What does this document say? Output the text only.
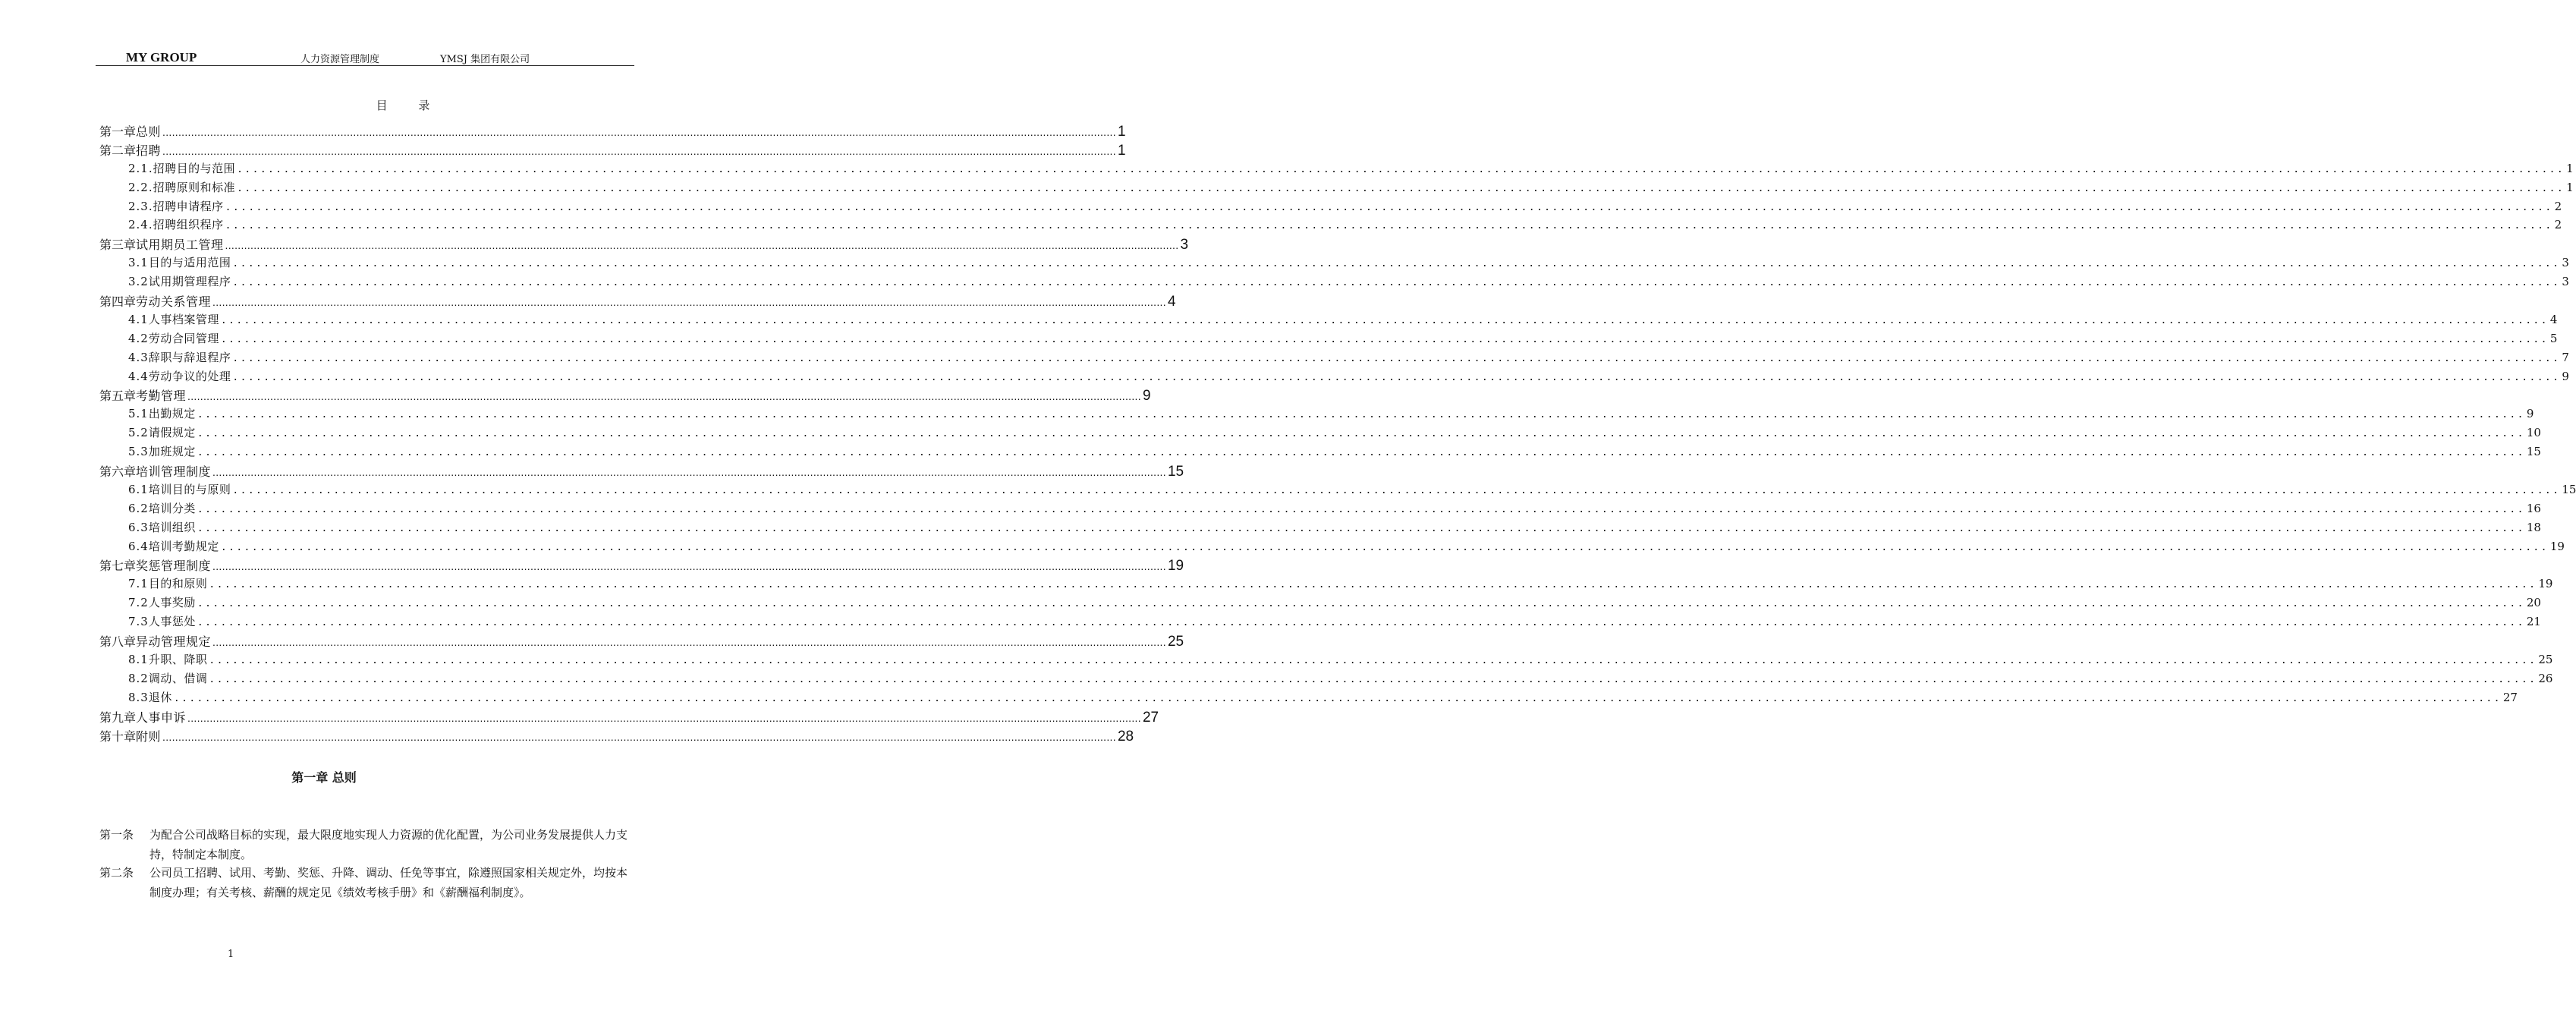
MY GROUP	人力资源管理制度	YMSJ 集团有限公司
目 录
第一章 总则 ............................................................................................................................................................................................................................................................................................................ 1
第二章 招聘 ............................................................................................................................................................................................................................................................................................................ 1
2.1. 招聘目的与范围 ............................................................................................................................................................................................................................................................................................................ 1
2.2. 招聘原则和标准 ............................................................................................................................................................................................................................................................................................................ 1
2.3. 招聘申请程序 ............................................................................................................................................................................................................................................................................................................ 2
2.4. 招聘组织程序 ............................................................................................................................................................................................................................................................................................................ 2
第三章 试用期员工管理 ............................................................................................................................................................................................................................................................................................................ 3
3.1 目的与适用范围 ............................................................................................................................................................................................................................................................................................................ 3
3.2 试用期管理程序 ............................................................................................................................................................................................................................................................................................................ 3
第四章 劳动关系管理 ............................................................................................................................................................................................................................................................................................................ 4
4.1 人事档案管理 ............................................................................................................................................................................................................................................................................................................ 4
4.2 劳动合同管理 ............................................................................................................................................................................................................................................................................................................ 5
4.3 辞职与辞退程序 ............................................................................................................................................................................................................................................................................................................ 7
4.4 劳动争议的处理 ............................................................................................................................................................................................................................................................................................................ 9
第五章 考勤管理 ............................................................................................................................................................................................................................................................................................................ 9
5.1 出勤规定 ............................................................................................................................................................................................................................................................................................................ 9
5.2 请假规定 ............................................................................................................................................................................................................................................................................................................ 10
5.3 加班规定 ............................................................................................................................................................................................................................................................................................................ 15
第六章 培训管理制度 ............................................................................................................................................................................................................................................................................................................ 15
6.1 培训目的与原则 ............................................................................................................................................................................................................................................................................................................ 15
6.2 培训分类 ............................................................................................................................................................................................................................................................................................................ 16
6.3 培训组织 ............................................................................................................................................................................................................................................................................................................ 18
6.4 培训考勤规定 ............................................................................................................................................................................................................................................................................................................ 19
第七章 奖惩管理制度 ............................................................................................................................................................................................................................................................................................................ 19
7.1 目的和原则 ............................................................................................................................................................................................................................................................................................................ 19
7.2 人事奖励 ............................................................................................................................................................................................................................................................................................................ 20
7.3 人事惩处 ............................................................................................................................................................................................................................................................................................................ 21
第八章 异动管理规定 ............................................................................................................................................................................................................................................................................................................ 25
8.1 升职、降职 ............................................................................................................................................................................................................................................................................................................ 25
8.2 调动、借调 ............................................................................................................................................................................................................................................................................................................ 26
8.3 退休 ............................................................................................................................................................................................................................................................................................................ 27
第九章 人事申诉 ............................................................................................................................................................................................................................................................................................................ 27
第十章 附则 ............................................................................................................................................................................................................................................................................................................ 28
第一章 总则
第一条 为配合公司战略目标的实现，最大限度地实现人力资源的优化配置，为公司业务发展提供人力支持，特制定本制度。
第二条 公司员工招聘、试用、考勤、奖惩、升降、调动、任免等事宜，除遵照国家相关规定外，均按本制度办理；有关考核、薪酬的规定见《绩效考核手册》和《薪酬福利制度》。
1
